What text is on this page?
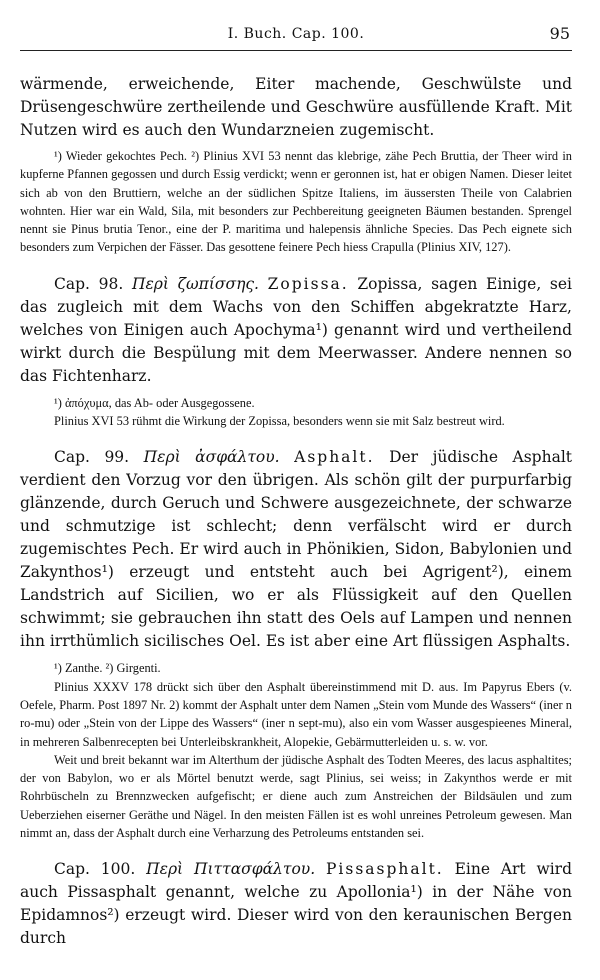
I. Buch. Cap. 100.	95

wärmende, erweichende, Eiter machende, Geschwülste und Drüsengeschwüre zertheilende und Geschwüre ausfüllende Kraft. Mit Nutzen wird es auch den Wundarzneien zugemischt.

¹) Wieder gekochtes Pech. ²) Plinius XVI 53 nennt das klebrige, zähe Pech Bruttia, der Theer wird in kupferne Pfannen gegossen und durch Essig verdickt; wenn er geronnen ist, hat er obigen Namen. Dieser leitet sich ab von den Bruttiern, welche an der südlichen Spitze Italiens, im äussersten Theile von Calabrien wohnten. Hier war ein Wald, Sila, mit besonders zur Pechbereitung geeigneten Bäumen bestanden. Sprengel nennt sie Pinus brutia Tenor., eine der P. maritima und halepensis ähnliche Species. Das Pech eignete sich besonders zum Verpichen der Fässer. Das gesottene feinere Pech hiess Crapulla (Plinius XIV, 127).

Cap. 98. Περὶ ζωπίσσης. Zopissa. Zopissa, sagen Einige, sei das zugleich mit dem Wachs von den Schiffen abgekratzte Harz, welches von Einigen auch Apochyma¹) genannt wird und vertheilend wirkt durch die Bespülung mit dem Meerwasser. Andere nennen so das Fichtenharz.

¹) ἀπόχυμα, das Ab- oder Ausgegossene.

Plinius XVI 53 rühmt die Wirkung der Zopissa, besonders wenn sie mit Salz bestreut wird.

Cap. 99. Περὶ ἀσφάλτου. Asphalt. Der jüdische Asphalt verdient den Vorzug vor den übrigen. Als schön gilt der purpurfarbig glänzende, durch Geruch und Schwere ausgezeichnete, der schwarze und schmutzige ist schlecht; denn verfälscht wird er durch zugemischtes Pech. Er wird auch in Phönikien, Sidon, Babylonien und Zakynthos¹) erzeugt und entsteht auch bei Agrigent²), einem Landstrich auf Sicilien, wo er als Flüssigkeit auf den Quellen schwimmt; sie gebrauchen ihn statt des Oels auf Lampen und nennen ihn irrthümlich sicilisches Oel. Es ist aber eine Art flüssigen Asphalts.

¹) Zanthe. ²) Girgenti.

Plinius XXXV 178 drückt sich über den Asphalt übereinstimmend mit D. aus. Im Papyrus Ebers (v. Oefele, Pharm. Post 1897 Nr. 2) kommt der Asphalt unter dem Namen „Stein vom Munde des Wassers“ (iner n ro-mu) oder „Stein von der Lippe des Wassers“ (iner n sept-mu), also ein vom Wasser ausgespieenes Mineral, in mehreren Salbenrecepten bei Unterleibskrankheit, Alopekie, Gebärmutterleiden u. s. w. vor.

Weit und breit bekannt war im Alterthum der jüdische Asphalt des Todten Meeres, des lacus asphaltites; der von Babylon, wo er als Mörtel benutzt werde, sagt Plinius, sei weiss; in Zakynthos werde er mit Rohrbüscheln zu Brennzwecken aufgefischt; er diene auch zum Anstreichen der Bildsäulen und zum Ueberziehen eiserner Geräthe und Nägel. In den meisten Fällen ist es wohl unreines Petroleum gewesen. Man nimmt an, dass der Asphalt durch eine Verharzung des Petroleums entstanden sei.

Cap. 100. Περὶ Πιττασφάλτου. Pissasphalt. Eine Art wird auch Pissasphalt genannt, welche zu Apollonia¹) in der Nähe von Epidamnos²) erzeugt wird. Dieser wird von den keraunischen Bergen durch
